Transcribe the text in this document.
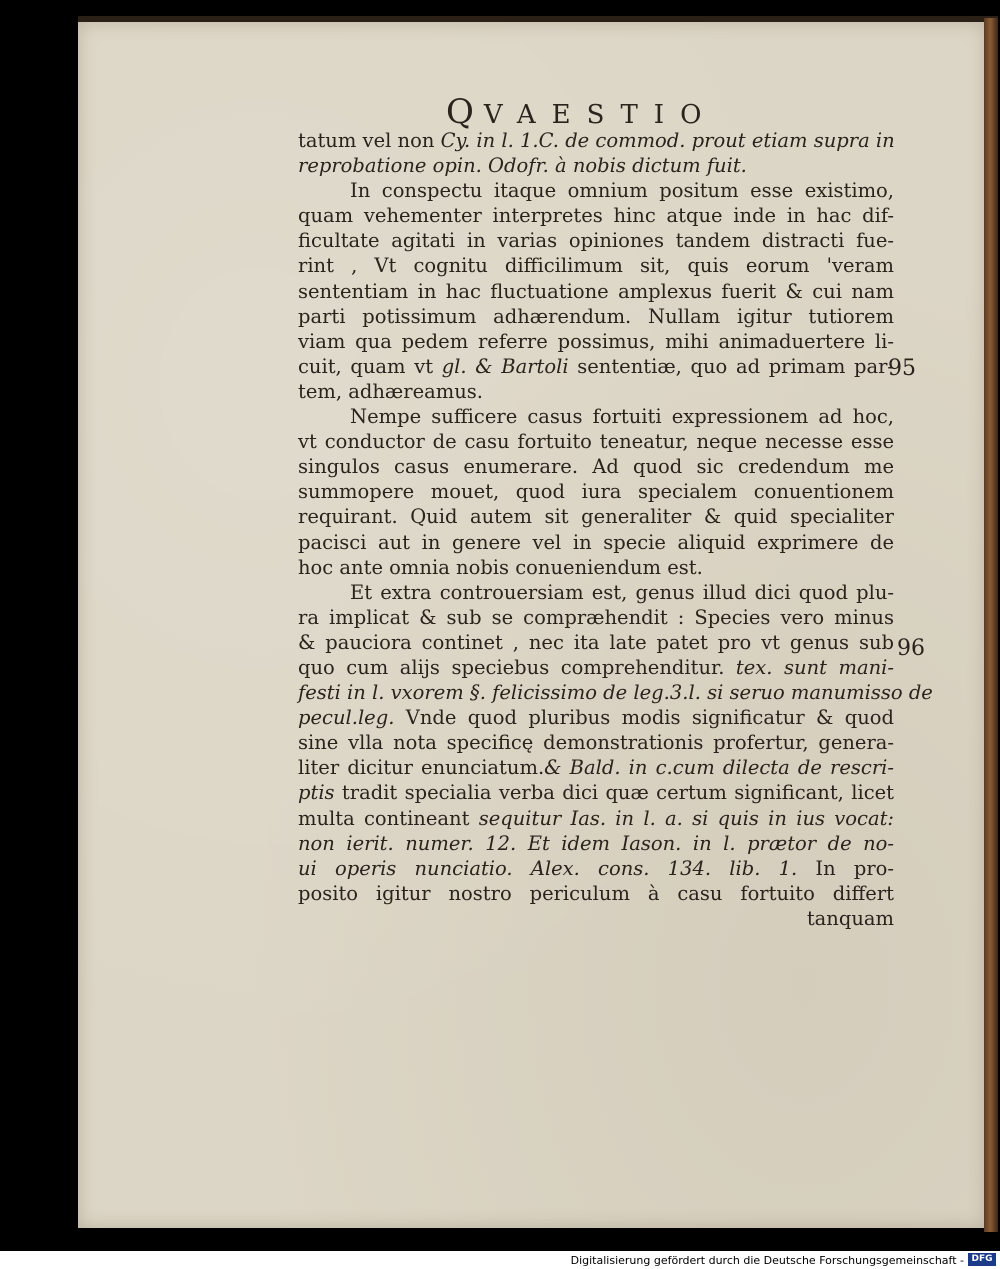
QVAESTIO
tatum vel non Cy. in l. 1.C. de commod. prout etiam supra in
reprobatione opin. Odofr. à nobis dictum fuit.
In conspectu itaque omnium positum esse existimo,
quam vehementer interpretes hinc atque inde in hac dif-
ficultate agitati in varias opiniones tandem distracti fue-
rint , Vt cognitu difficilimum sit, quis eorum 'veram
sententiam in hac fluctuatione amplexus fuerit & cui nam
parti potissimum adhærendum. Nullam igitur tutiorem
viam qua pedem referre possimus, mihi animaduertere li-
cuit, quam vt gl. & Bartoli sententiæ, quo ad primam par-
tem, adhæreamus.
Nempe sufficere casus fortuiti expressionem ad hoc,
vt conductor de casu fortuito teneatur, neque necesse esse
singulos casus enumerare. Ad quod sic credendum me
summopere mouet, quod iura specialem conuentionem
requirant. Quid autem sit generaliter & quid specialiter
pacisci aut in genere vel in specie aliquid exprimere de
hoc ante omnia nobis conueniendum est.
Et extra controuersiam est, genus illud dici quod plu-
ra implicat & sub se compræhendit : Species vero minus
& pauciora continet , nec ita late patet pro vt genus sub
quo cum alijs speciebus comprehenditur. tex. sunt mani-
festi in l. vxorem §. felicissimo de leg.3.l. si seruo manumisso de
pecul.leg. Vnde quod pluribus modis significatur & quod
sine vlla nota specificę demonstrationis profertur, genera-
liter dicitur enunciatum.& Bald. in c.cum dilecta de rescri-
ptis tradit specialia verba dici quæ certum significant, licet
multa contineant sequitur Ias. in l. a. si quis in ius vocat:
non ierit. numer. 12. Et idem Iason. in l. prætor de nο-
ui operis nunciatio. Alex. cons. 134. lib. 1. In pro-
posito igitur nostro periculum à casu fortuito differt
tanquam
95
96
Digitalisierung gefördert durch die Deutsche Forschungsgemeinschaft - DFG
